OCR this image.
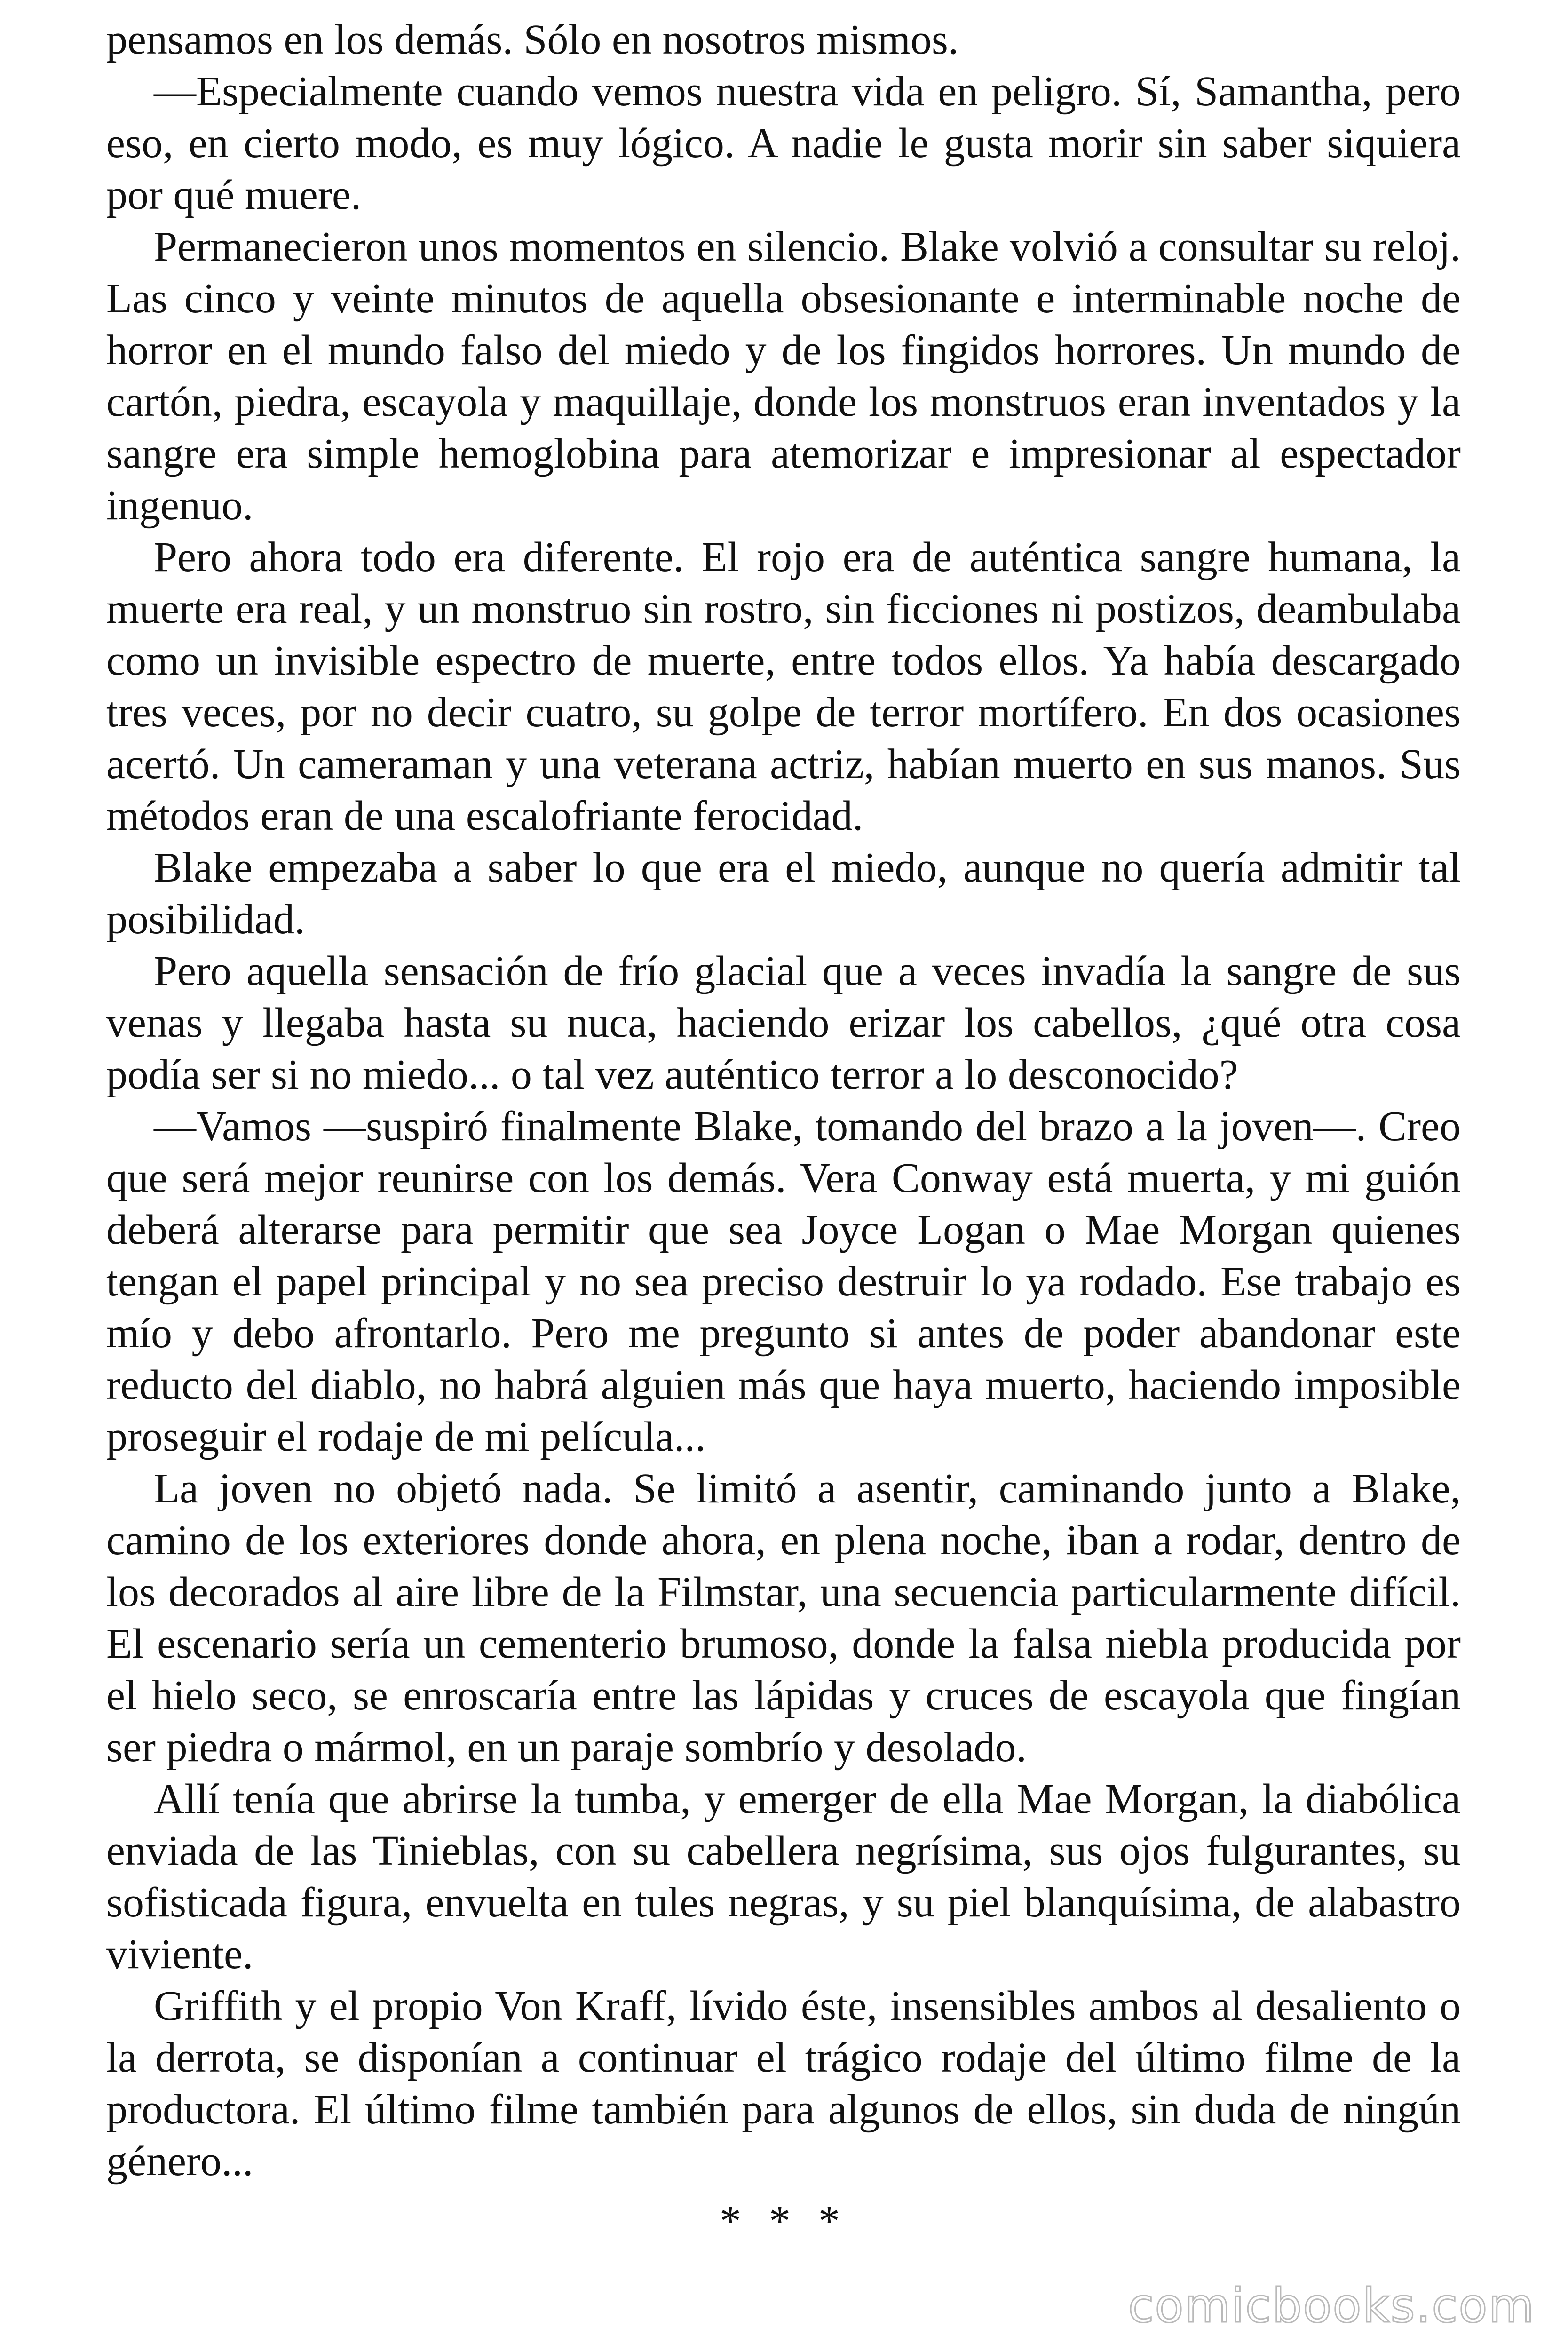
pensamos en los demás. Sólo en nosotros mismos.

—Especialmente cuando vemos nuestra vida en peligro. Sí, Samantha, pero eso, en cierto modo, es muy lógico. A nadie le gusta morir sin saber siquiera por qué muere.

Permanecieron unos momentos en silencio. Blake volvió a consultar su reloj. Las cinco y veinte minutos de aquella obsesionante e interminable noche de horror en el mundo falso del miedo y de los fingidos horrores. Un mundo de cartón, piedra, escayola y maquillaje, donde los monstruos eran inventados y la sangre era simple hemoglobina para atemorizar e impresionar al espectador ingenuo.

Pero ahora todo era diferente. El rojo era de auténtica sangre humana, la muerte era real, y un monstruo sin rostro, sin ficciones ni postizos, deambulaba como un invisible espectro de muerte, entre todos ellos. Ya había descargado tres veces, por no decir cuatro, su golpe de terror mortífero. En dos ocasiones acertó. Un cameraman y una veterana actriz, habían muerto en sus manos. Sus métodos eran de una escalofriante ferocidad.

Blake empezaba a saber lo que era el miedo, aunque no quería admitir tal posibilidad.

Pero aquella sensación de frío glacial que a veces invadía la sangre de sus venas y llegaba hasta su nuca, haciendo erizar los cabellos, ¿qué otra cosa podía ser si no miedo... o tal vez auténtico terror a lo desconocido?

—Vamos —suspiró finalmente Blake, tomando del brazo a la joven—. Creo que será mejor reunirse con los demás. Vera Conway está muerta, y mi guión deberá alterarse para permitir que sea Joyce Logan o Mae Morgan quienes tengan el papel principal y no sea preciso destruir lo ya rodado. Ese trabajo es mío y debo afrontarlo. Pero me pregunto si antes de poder abandonar este reducto del diablo, no habrá alguien más que haya muerto, haciendo imposible proseguir el rodaje de mi película...

La joven no objetó nada. Se limitó a asentir, caminando junto a Blake, camino de los exteriores donde ahora, en plena noche, iban a rodar, dentro de los decorados al aire libre de la Filmstar, una secuencia particularmente difícil. El escenario sería un cementerio brumoso, donde la falsa niebla producida por el hielo seco, se enroscaría entre las lápidas y cruces de escayola que fingían ser piedra o mármol, en un paraje sombrío y desolado.

Allí tenía que abrirse la tumba, y emerger de ella Mae Morgan, la diabólica enviada de las Tinieblas, con su cabellera negrísima, sus ojos fulgurantes, su sofisticada figura, envuelta en tules negras, y su piel blanquísima, de alabastro viviente.

Griffith y el propio Von Kraff, lívido éste, insensibles ambos al desaliento o la derrota, se disponían a continuar el trágico rodaje del último filme de la productora. El último filme también para algunos de ellos, sin duda de ningún género...

* * *
comicbooks.com
